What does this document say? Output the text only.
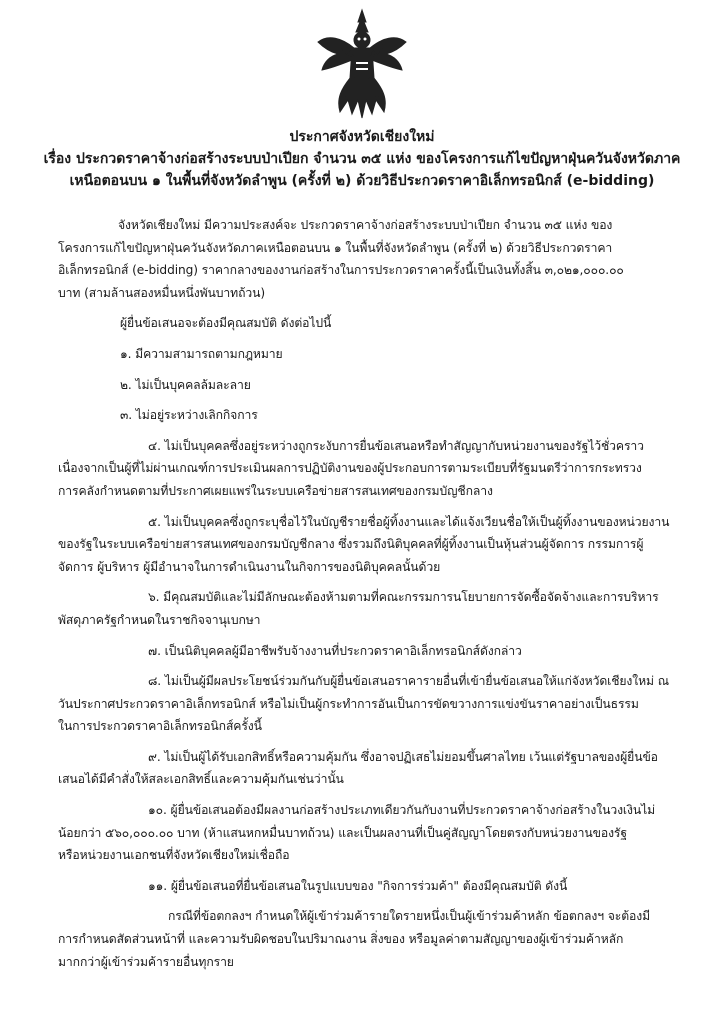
ประกาศจังหวัดเชียงใหม่
เรื่อง ประกวดราคาจ้างก่อสร้างระบบป่าเปียก จำนวน ๓๕ แห่ง ของโครงการแก้ไขปัญหาฝุ่นควันจังหวัดภาค
เหนือตอนบน ๑ ในพื้นที่จังหวัดลำพูน (ครั้งที่ ๒) ด้วยวิธีประกวดราคาอิเล็กทรอนิกส์ (e-bidding)
จังหวัดเชียงใหม่ มีความประสงค์จะ ประกวดราคาจ้างก่อสร้างระบบป่าเปียก จำนวน ๓๕ แห่ง ของ
โครงการแก้ไขปัญหาฝุ่นควันจังหวัดภาคเหนือตอนบน ๑ ในพื้นที่จังหวัดลำพูน (ครั้งที่ ๒) ด้วยวิธีประกวดราคา
อิเล็กทรอนิกส์ (e-bidding) ราคากลางของงานก่อสร้างในการประกวดราคาครั้งนี้เป็นเงินทั้งสิ้น ๓,๐๒๑,๐๐๐.๐๐
บาท (สามล้านสองหมื่นหนึ่งพันบาทถ้วน)
ผู้ยื่นข้อเสนอจะต้องมีคุณสมบัติ ดังต่อไปนี้
๑. มีความสามารถตามกฎหมาย
๒. ไม่เป็นบุคคลล้มละลาย
๓. ไม่อยู่ระหว่างเลิกกิจการ
๔. ไม่เป็นบุคคลซึ่งอยู่ระหว่างถูกระงับการยื่นข้อเสนอหรือทำสัญญากับหน่วยงานของรัฐไว้ชั่วคราว
เนื่องจากเป็นผู้ที่ไม่ผ่านเกณฑ์การประเมินผลการปฏิบัติงานของผู้ประกอบการตามระเบียบที่รัฐมนตรีว่าการกระทรวง
การคลังกำหนดตามที่ประกาศเผยแพร่ในระบบเครือข่ายสารสนเทศของกรมบัญชีกลาง
๕. ไม่เป็นบุคคลซึ่งถูกระบุชื่อไว้ในบัญชีรายชื่อผู้ทิ้งงานและได้แจ้งเวียนชื่อให้เป็นผู้ทิ้งงานของหน่วยงาน
ของรัฐในระบบเครือข่ายสารสนเทศของกรมบัญชีกลาง ซึ่งรวมถึงนิติบุคคลที่ผู้ทิ้งงานเป็นหุ้นส่วนผู้จัดการ กรรมการผู้
จัดการ ผู้บริหาร ผู้มีอำนาจในการดำเนินงานในกิจการของนิติบุคคลนั้นด้วย
๖. มีคุณสมบัติและไม่มีลักษณะต้องห้ามตามที่คณะกรรมการนโยบายการจัดซื้อจัดจ้างและการบริหาร
พัสดุภาครัฐกำหนดในราชกิจจานุเบกษา
๗. เป็นนิติบุคคลผู้มีอาชีพรับจ้างงานที่ประกวดราคาอิเล็กทรอนิกส์ดังกล่าว
๘. ไม่เป็นผู้มีผลประโยชน์ร่วมกันกับผู้ยื่นข้อเสนอราคารายอื่นที่เข้ายื่นข้อเสนอให้แก่จังหวัดเชียงใหม่ ณ
วันประกาศประกวดราคาอิเล็กทรอนิกส์ หรือไม่เป็นผู้กระทำการอันเป็นการขัดขวางการแข่งขันราคาอย่างเป็นธรรม
ในการประกวดราคาอิเล็กทรอนิกส์ครั้งนี้
๙. ไม่เป็นผู้ได้รับเอกสิทธิ์หรือความคุ้มกัน ซึ่งอาจปฏิเสธไม่ยอมขึ้นศาลไทย เว้นแต่รัฐบาลของผู้ยื่นข้อ
เสนอได้มีคำสั่งให้สละเอกสิทธิ์และความคุ้มกันเช่นว่านั้น
๑๐. ผู้ยื่นข้อเสนอต้องมีผลงานก่อสร้างประเภทเดียวกันกับงานที่ประกวดราคาจ้างก่อสร้างในวงเงินไม่
น้อยกว่า ๕๖๐,๐๐๐.๐๐ บาท (ห้าแสนหกหมื่นบาทถ้วน) และเป็นผลงานที่เป็นคู่สัญญาโดยตรงกับหน่วยงานของรัฐ
หรือหน่วยงานเอกชนที่จังหวัดเชียงใหม่เชื่อถือ
๑๑. ผู้ยื่นข้อเสนอที่ยื่นข้อเสนอในรูปแบบของ "กิจการร่วมค้า" ต้องมีคุณสมบัติ ดังนี้
กรณีที่ข้อตกลงฯ กำหนดให้ผู้เข้าร่วมค้ารายใดรายหนึ่งเป็นผู้เข้าร่วมค้าหลัก ข้อตกลงฯ จะต้องมี
การกำหนดสัดส่วนหน้าที่ และความรับผิดชอบในปริมาณงาน สิ่งของ หรือมูลค่าตามสัญญาของผู้เข้าร่วมค้าหลัก
มากกว่าผู้เข้าร่วมค้ารายอื่นทุกราย
